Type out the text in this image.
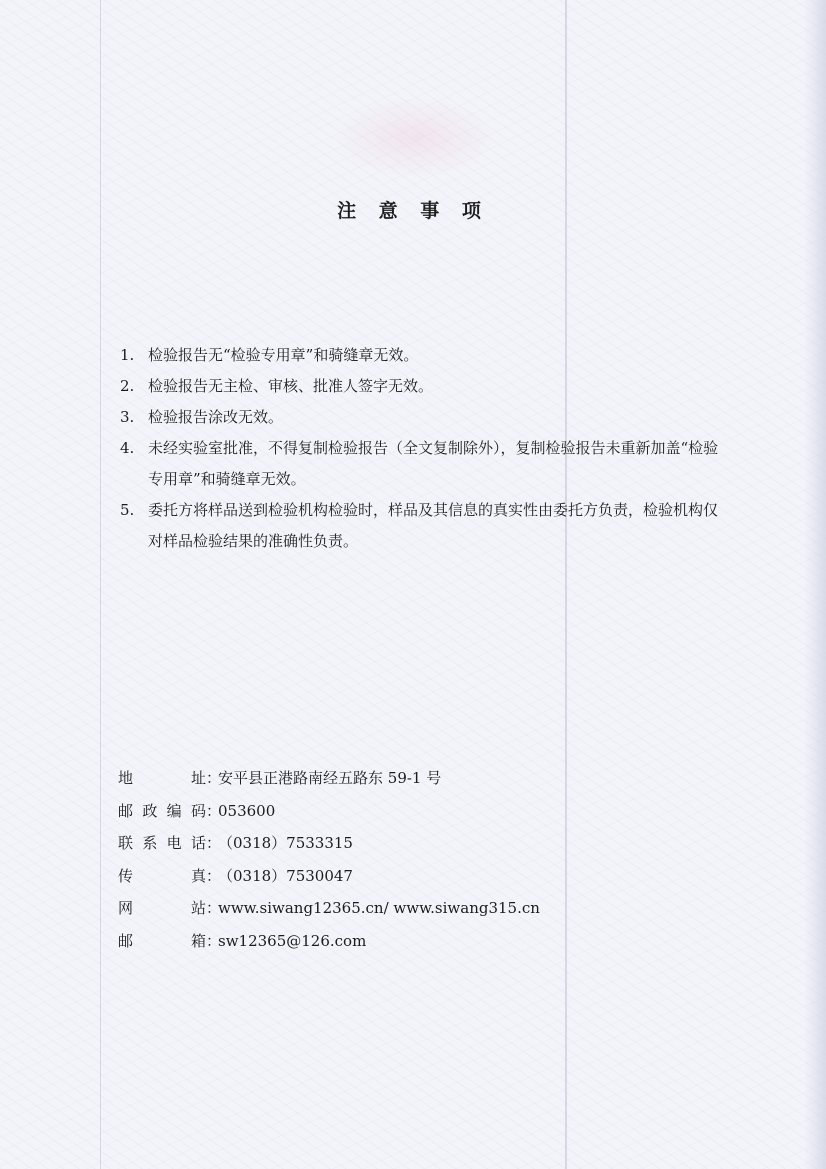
注 意 事 项
1. 检验报告无“检验专用章”和骑缝章无效。
2. 检验报告无主检、审核、批准人签字无效。
3. 检验报告涂改无效。
4. 未经实验室批准，不得复制检验报告（全文复制除外），复制检验报告未重新加盖“检验专用章”和骑缝章无效。
5. 委托方将样品送到检验机构检验时，样品及其信息的真实性由委托方负责，检验机构仅对样品检验结果的准确性负责。
地　址 ：
安平县正港路南经五路东 59-1 号
邮政编码 ：
053600
联系电话 ：
（0318）7533315
传　真 ：
（0318）7530047
网　站 ：
www.siwang12365.cn/ www.siwang315.cn
邮　箱 ：
sw12365@126.com
